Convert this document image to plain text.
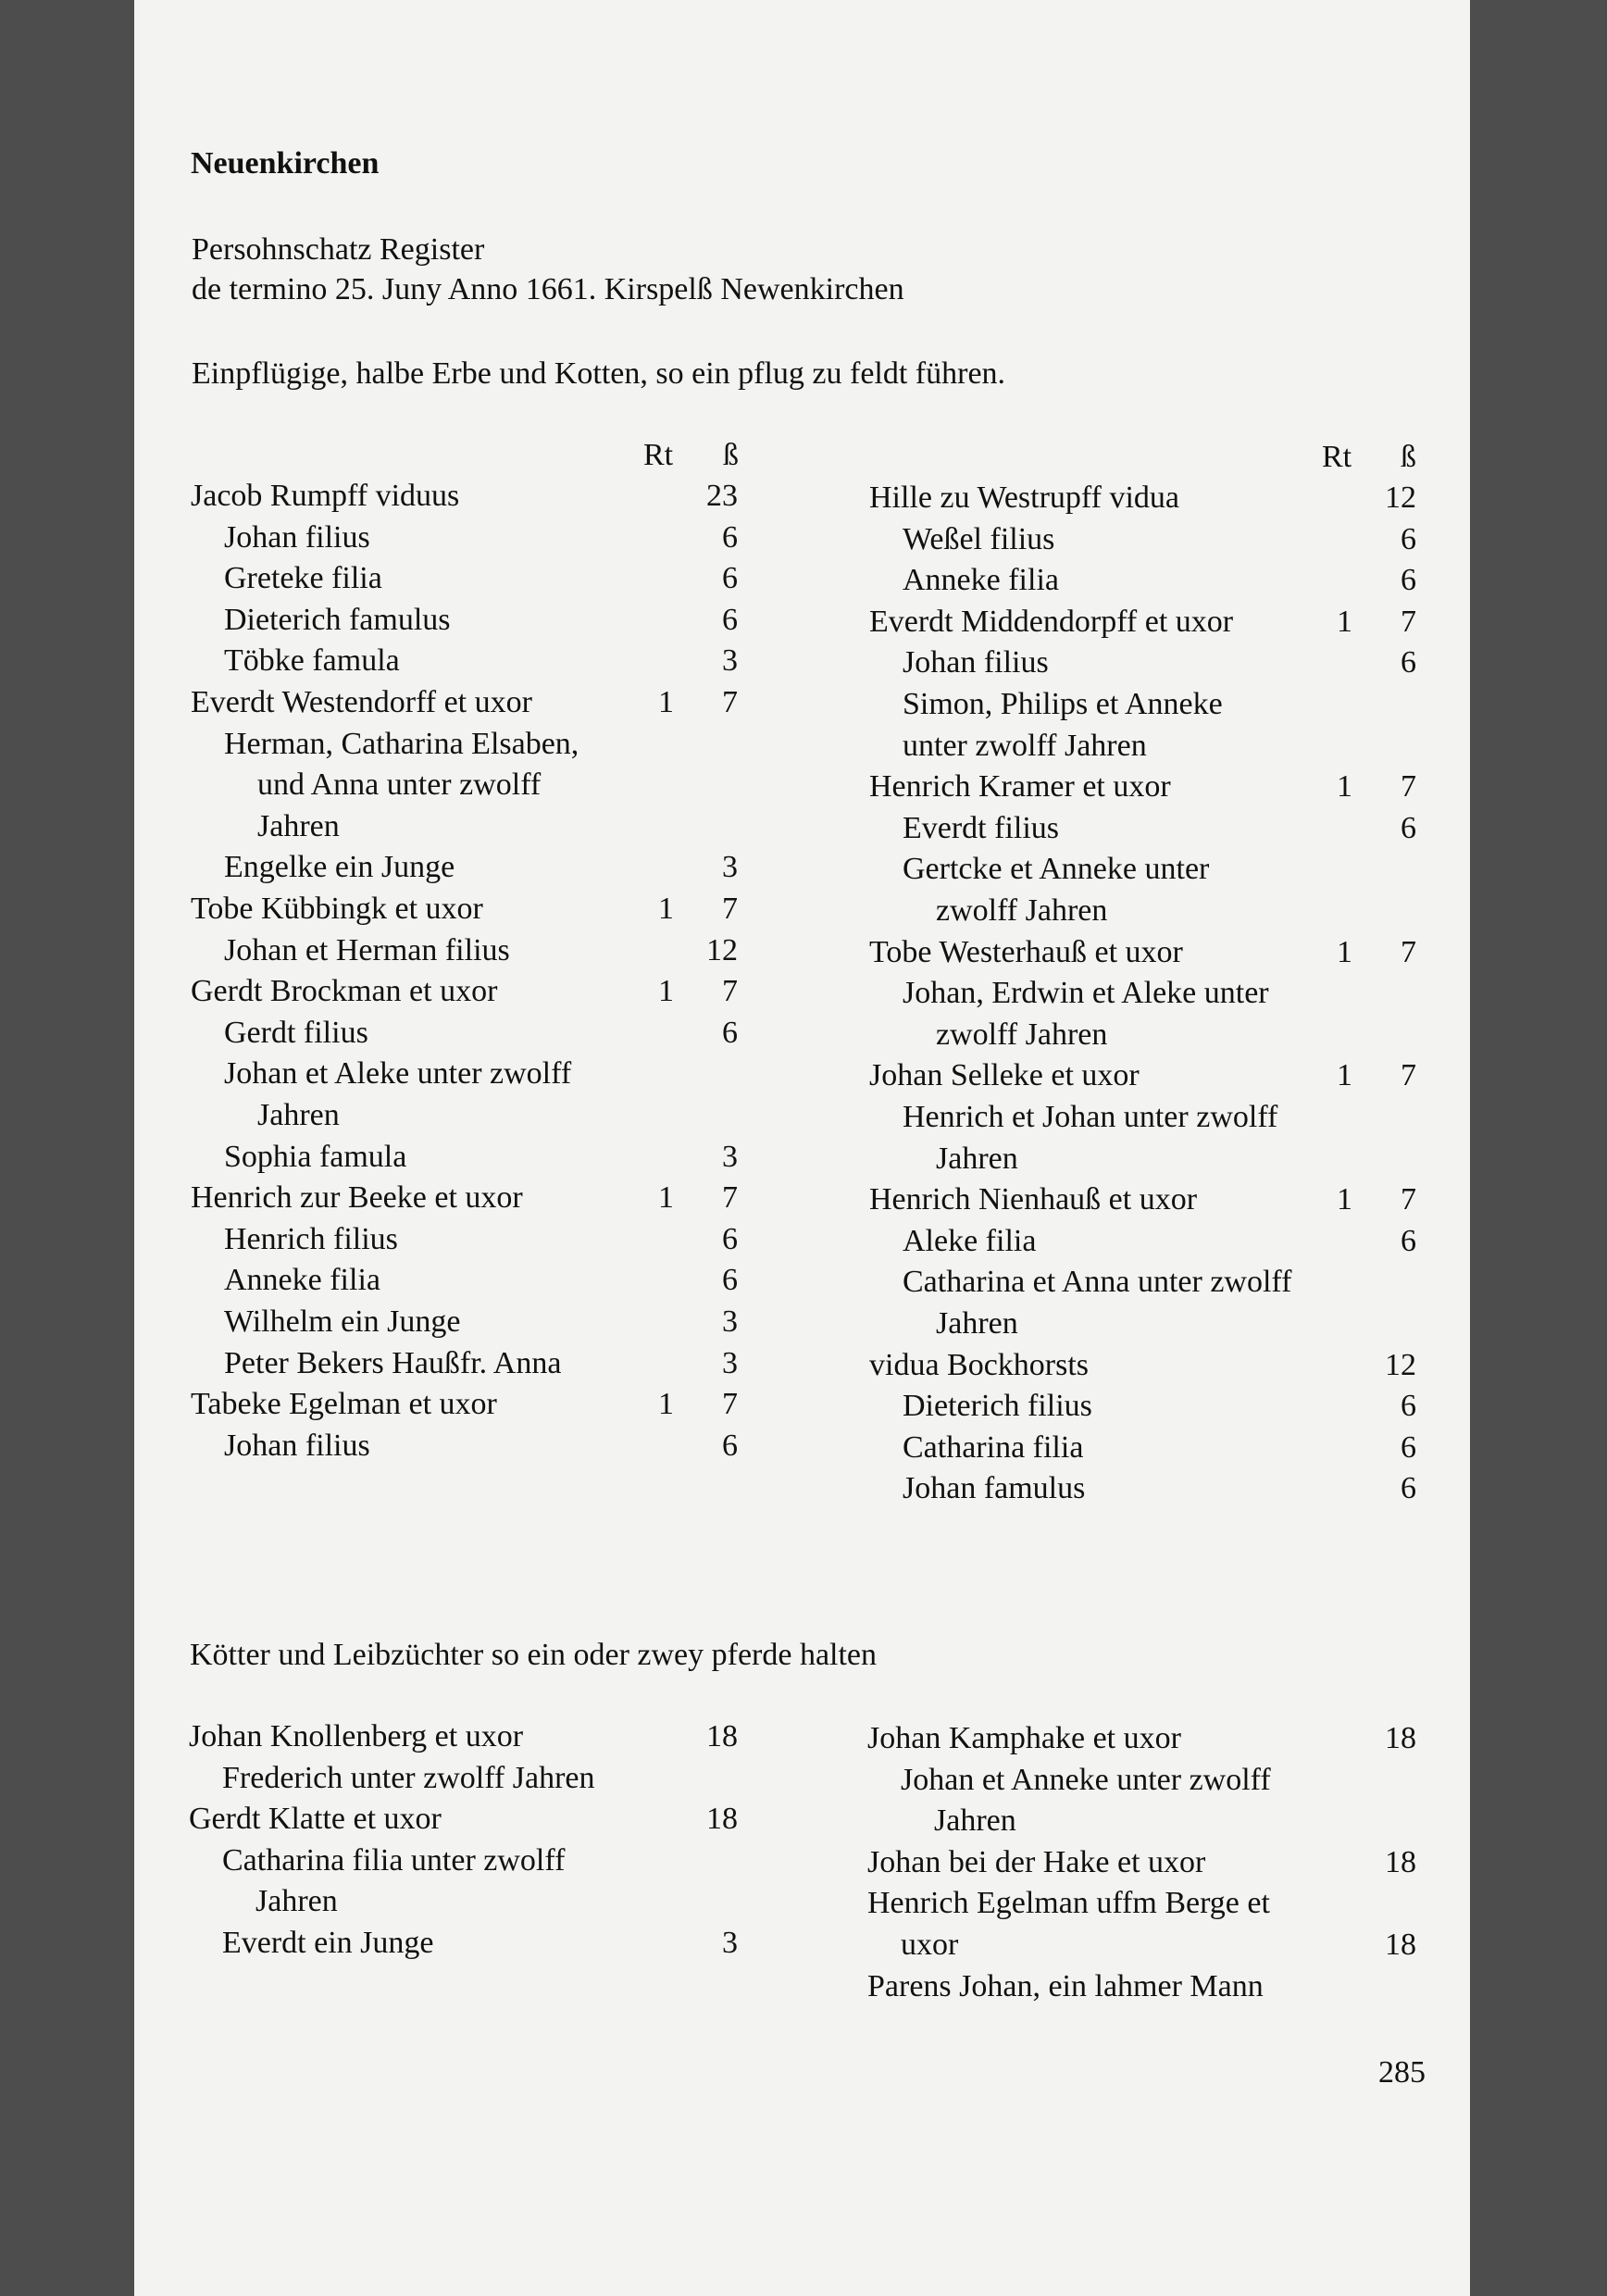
Neuenkirchen
Persohnschatz Register
de termino 25. Juny Anno 1661. Kirspelß Newenkirchen
Einpflügige, halbe Erbe und Kotten, so ein pflug zu feldt führen.
Rt ß	Rt ß
Jacob Rumpff viduus	23
Johan filius	6
Greteke filia	6
Dieterich famulus	6
Töbke famula	3
Everdt Westendorff et uxor	1	7
Herman, Catharina Elsaben,
und Anna unter zwolff
Jahren
Engelke ein Junge	3
Tobe Kübbingk et uxor	1	7
Johan et Herman filius	12
Gerdt Brockman et uxor	1	7
Gerdt filius	6
Johan et Aleke unter zwolff
Jahren
Sophia famula	3
Henrich zur Beeke et uxor	1	7
Henrich filius	6
Anneke filia	6
Wilhelm ein Junge	3
Peter Bekers Haußfr. Anna	3
Tabeke Egelman et uxor	1	7
Johan filius	6
Hille zu Westrupff vidua	12
Weßel filius	6
Anneke filia	6
Everdt Middendorpff et uxor	1	7
Johan filius	6
Simon, Philips et Anneke
unter zwolff Jahren
Henrich Kramer et uxor	1	7
Everdt filius	6
Gertcke et Anneke unter
zwolff Jahren
Tobe Westerhauß et uxor	1	7
Johan, Erdwin et Aleke unter
zwolff Jahren
Johan Selleke et uxor	1	7
Henrich et Johan unter zwolff
Jahren
Henrich Nienhauß et uxor	1	7
Aleke filia	6
Catharina et Anna unter zwolff
Jahren
vidua Bockhorsts	12
Dieterich filius	6
Catharina filia	6
Johan famulus	6
Kötter und Leibzüchter so ein oder zwey pferde halten
Johan Knollenberg et uxor	18
Frederich unter zwolff Jahren
Gerdt Klatte et uxor	18
Catharina filia unter zwolff
Jahren
Everdt ein Junge	3
Johan Kamphake et uxor	18
Johan et Anneke unter zwolff
Jahren
Johan bei der Hake et uxor	18
Henrich Egelman uffm Berge et
uxor	18
Parens Johan, ein lahmer Mann
285
